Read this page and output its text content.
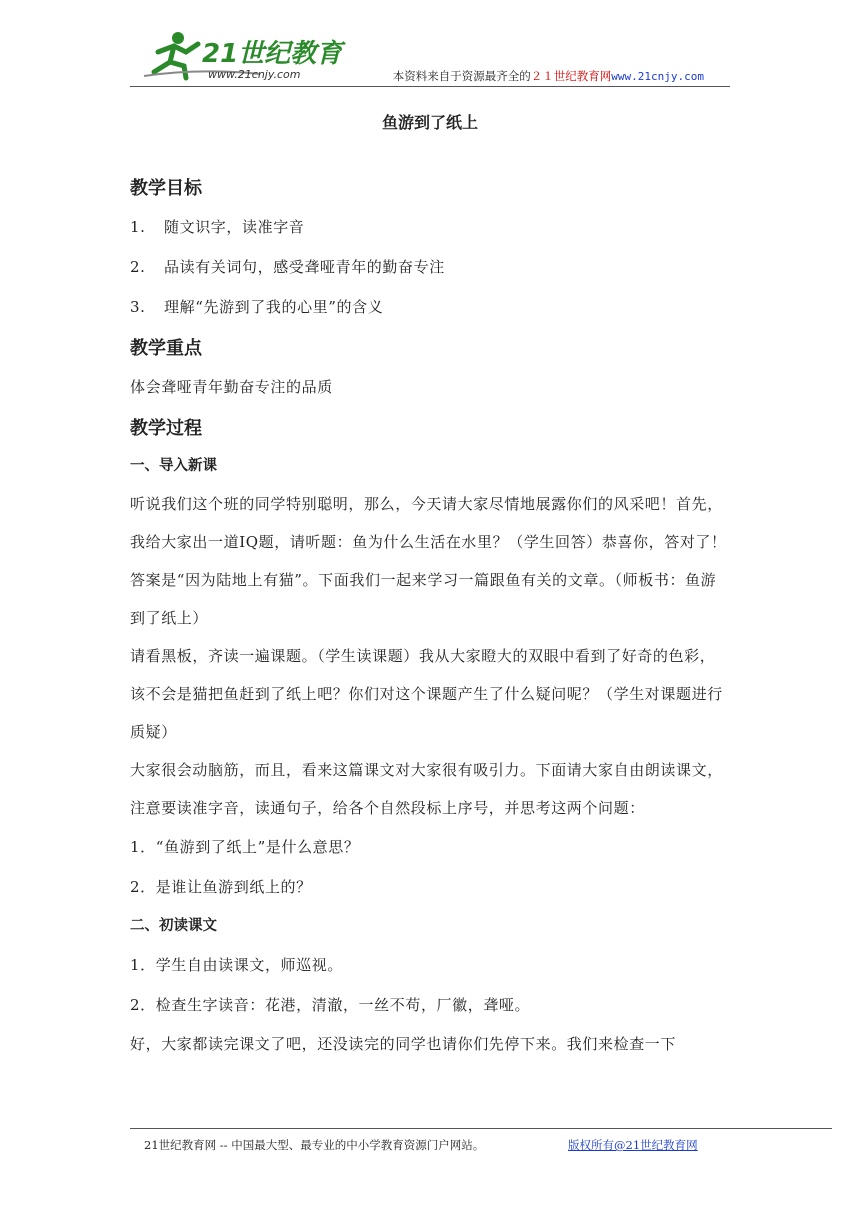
21世纪教育
www.21cnjy.com	本资料来自于资源最齐全的２１世纪教育网www.21cnjy.com
鱼游到了纸上
教学目标
1. 随文识字，读准字音
2. 品读有关词句，感受聋哑青年的勤奋专注
3. 理解“先游到了我的心里”的含义
教学重点
体会聋哑青年勤奋专注的品质
教学过程
一、导入新课
听说我们这个班的同学特别聪明，那么，今天请大家尽情地展露你们的风采吧！首先，我给大家出一道IQ题，请听题：鱼为什么生活在水里？（学生回答）恭喜你，答对了！答案是“因为陆地上有猫”。下面我们一起来学习一篇跟鱼有关的文章。（师板书：鱼游到了纸上）
请看黑板，齐读一遍课题。（学生读课题）我从大家瞪大的双眼中看到了好奇的色彩，该不会是猫把鱼赶到了纸上吧？你们对这个课题产生了什么疑问呢？（学生对课题进行质疑）
大家很会动脑筋，而且，看来这篇课文对大家很有吸引力。下面请大家自由朗读课文，注意要读准字音，读通句子，给各个自然段标上序号，并思考这两个问题：
1．“鱼游到了纸上”是什么意思？
2．是谁让鱼游到纸上的？
二、初读课文
1．学生自由读课文，师巡视。
2．检查生字读音：花港，清澈，一丝不苟，厂徽，聋哑。
好，大家都读完课文了吧，还没读完的同学也请你们先停下来。我们来检查一下
21世纪教育网 -- 中国最大型、最专业的中小学教育资源门户网站。	版权所有@21世纪教育网
